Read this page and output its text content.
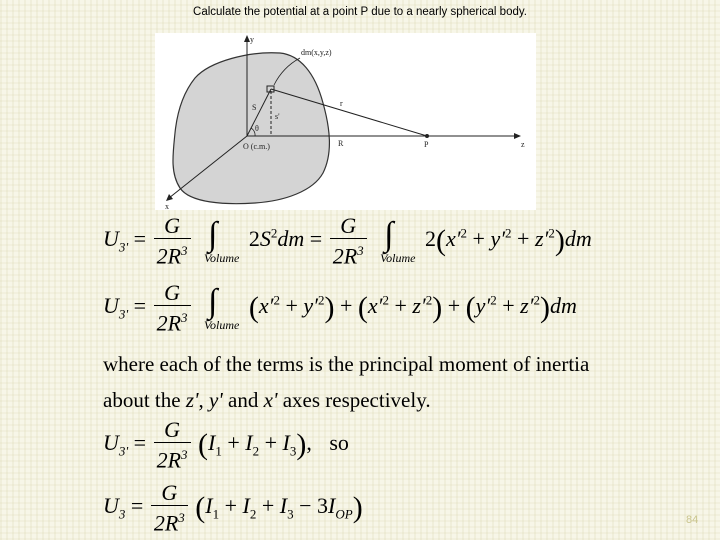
Calculate the potential at a point P due to a nearly spherical body.
y
dm(x,y,z)
S
s'
r
θ
O (c.m.)	R	P	z
x
$U_{3'} = \frac{G}{2R^3}$
∫
Volume
$2S^2dm = \frac{G}{2R^3}$
∫
Volume
$2(x'^2 + y'^2 + z'^2)dm$
$U_{3'} = \frac{G}{2R^3}$
∫
Volume
$(x'^2 + y'^2) + (x'^2 + z'^2) + (y'^2 + z'^2)dm$
where each of the terms is the principal moment of inertia
about the z', y' and x' axes respectively.
$U_{3'} = \frac{G}{2R^3} (I_1 + I_2 + I_3)$, so
$U_3 = \frac{G}{2R^3} (I_1 + I_2 + I_3 - 3I_{OP})$	84
